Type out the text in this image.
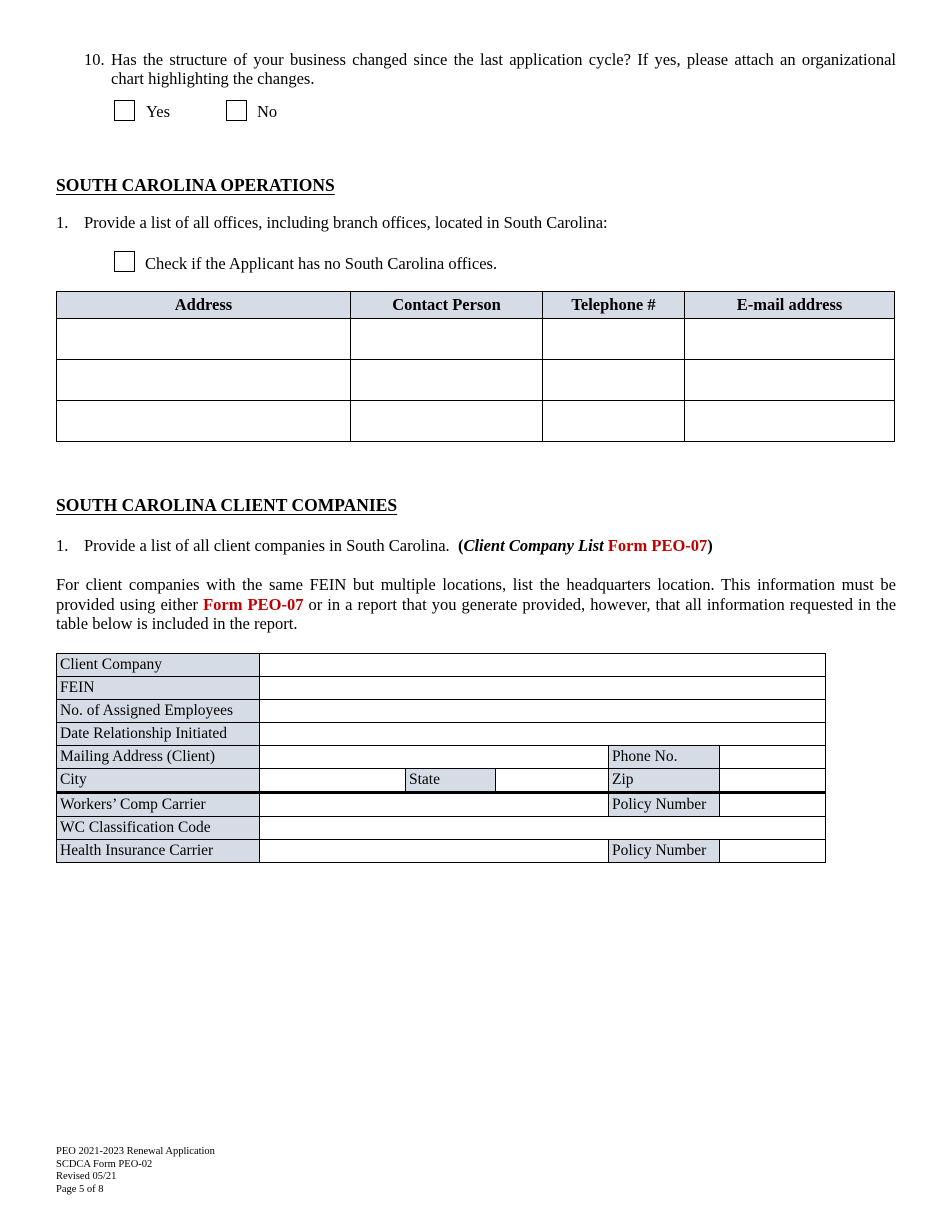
10. Has the structure of your business changed since the last application cycle? If yes, please attach an organizational chart highlighting the changes.
Yes	No
SOUTH CAROLINA OPERATIONS
1. Provide a list of all offices, including branch offices, located in South Carolina:
Check if the Applicant has no South Carolina offices.
Address	Contact Person	Telephone #	E-mail address

SOUTH CAROLINA CLIENT COMPANIES
1. Provide a list of all client companies in South Carolina. (Client Company List Form PEO-07)
For client companies with the same FEIN but multiple locations, list the headquarters location. This information must be provided using either Form PEO-07 or in a report that you generate provided, however, that all information requested in the table below is included in the report.
Client Company					
FEIN					
No. of Assigned Employees					
Date Relationship Initiated					
Mailing Address (Client)				Phone No.	
City		State		Zip	
Workers’ Comp Carrier				Policy Number	
WC Classification Code					
Health Insurance Carrier				Policy Number	
PEO 2021-2023 Renewal Application
SCDCA Form PEO-02
Revised 05/21
Page 5 of 8
